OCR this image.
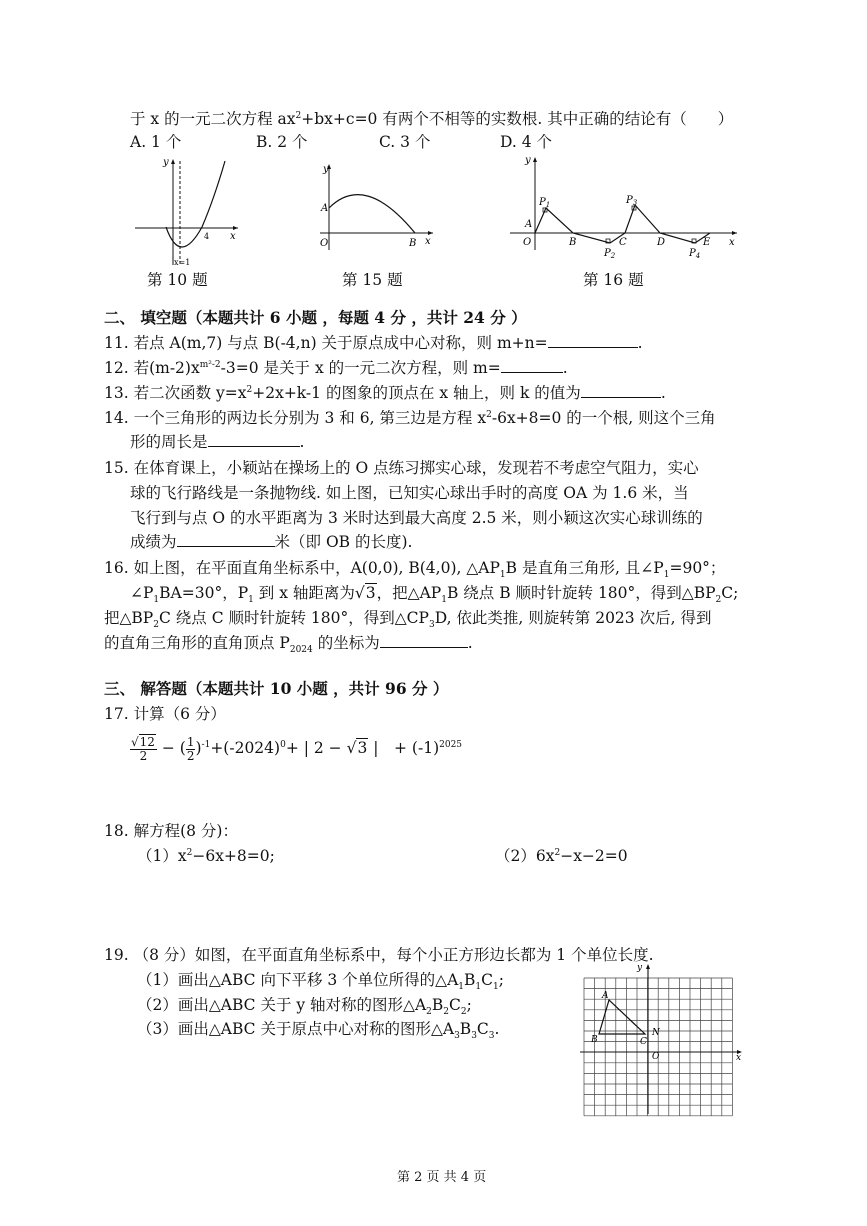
于 x 的一元二次方程 $ax^2+bx+c=0$ 有两个不相等的实数根. 其中正确的结论有（　　）
A. 1 个	B. 2 个	C. 3 个	D. 4 个
y
x
4
x=1
第 10 题
y
x
A
O	B
第 15 题
y
x
A
O	B	C	D	E
$P_1$
$P_2$
$P_3$
$P_4$
第 16 题
二、 填空题（本题共计 6 小题 ，每题 4 分 ，共计 24 分 ）
11. 若点 A(m,7) 与点 B(-4,n) 关于原点成中心对称，则 m+n=	.
12. 若$(m-2)x^{m^2-2}-3=0$ 是关于 x 的一元二次方程，则 m=	.
13. 若二次函数 $y=x^2+2x+k-1$ 的图象的顶点在 x 轴上，则 k 的值为	.
14. 一个三角形的两边长分别为 3 和 6, 第三边是方程 $x^2-6x+8=0$ 的一个根, 则这个三角
形的周长是	.
15. 在体育课上，小颖站在操场上的 O 点练习掷实心球，发现若不考虑空气阻力，实心
球的飞行路线是一条抛物线. 如上图，已知实心球出手时的高度 OA 为 1.6 米，当
飞行到与点 O 的水平距离为 3 米时达到最大高度 2.5 米，则小颖这次实心球训练的
成绩为	米（即 OB 的长度).
16. 如上图，在平面直角坐标系中，A(0,0), B(4,0), $\triangle AP_1B$ 是直角三角形, 且$\angle P_1=90^\circ$；
$\angle P_1BA=30^\circ$，$P_1$ 到 x 轴距离为√3，把$\triangle AP_1B$ 绕点 B 顺时针旋转 180°，得到$\triangle BP_2C$;
把$\triangle BP_2C$ 绕点 C 顺时针旋转 180°，得到$\triangle CP_3D$, 依此类推, 则旋转第 2023 次后, 得到
的直角三角形的直角顶点 $P_{2024}$ 的坐标为	.
三、 解答题（本题共计 10 小题 ，共计 96 分 ）
17. 计算（6 分）
$\frac{√12}{2}$ − ( $\frac{1}{2} )^{-1}+(-2024)^0+$ | 2 − √3 |　+ $(-1)^{2025}$
18. 解方程(8 分)：
$(1)x^2-6x+8=0$;	$(2)6x^2-x-2=0$
19. （8 分）如图，在平面直角坐标系中，每个小正方形边长都为 1 个单位长度.
（1）画出△ABC 向下平移 3 个单位所得的$\triangle A_1B_1C_1$;
（2）画出△ABC 关于 y 轴对称的图形$\triangle A_2B_2C_2$;
（3）画出△ABC 关于原点中心对称的图形$\triangle A_3B_3C_3$.
y
x
O
A
B	C
N
第 2 页 共 4 页
